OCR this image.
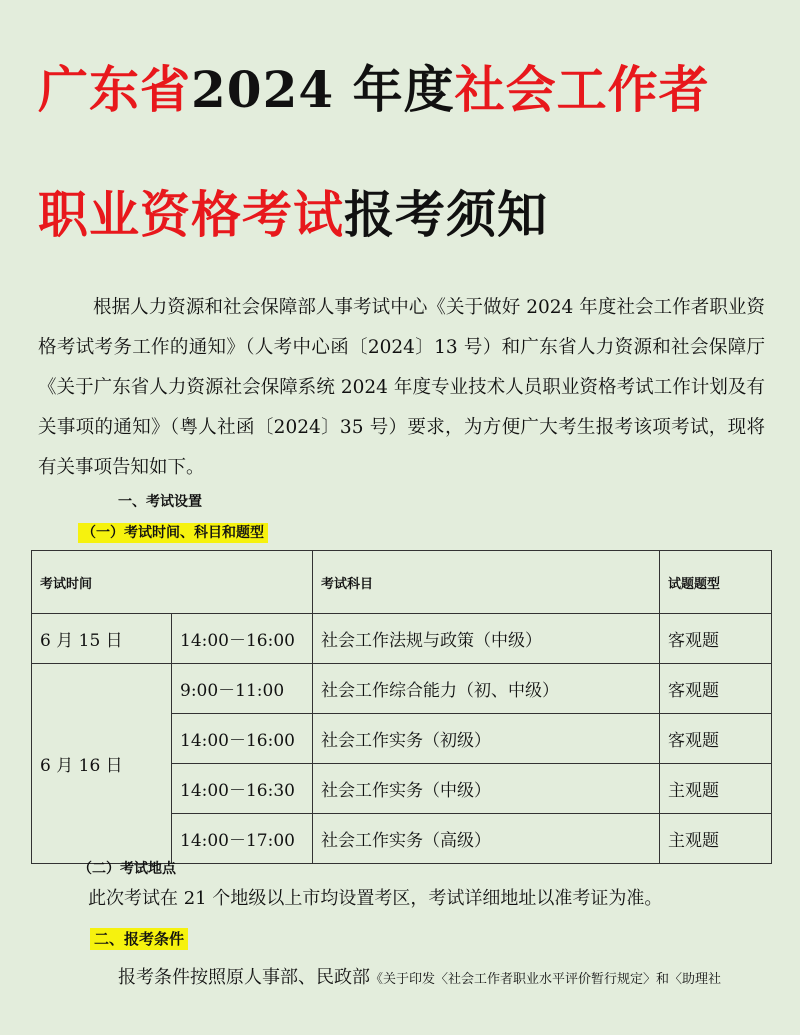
广东省2024 年度社会工作者
职业资格考试报考须知

根据人力资源和社会保障部人事考试中心《关于做好 2024 年度社会工作者职业资格考试考务工作的通知》（人考中心函〔2024〕13 号）和广东省人力资源和社会保障厅《关于广东省人力资源社会保障系统 2024 年度专业技术人员职业资格考试工作计划及有关事项的通知》（粤人社函〔2024〕35 号）要求，为方便广大考生报考该项考试，现将有关事项告知如下。

一、考试设置
（一）考试时间、科目和题型
考试时间		考试科目	试题题型
6 月 15 日	14:00－16:00	社会工作法规与政策（中级）	客观题
6 月 16 日	9:00－11:00	社会工作综合能力（初、中级）	客观题
	14:00－16:00	社会工作实务（初级）	客观题
	14:00－16:30	社会工作实务（中级）	主观题
	14:00－17:00	社会工作实务（高级）	主观题
（二）考试地点

此次考试在 21 个地级以上市均设置考区，考试详细地址以准考证为准。

二、报考条件

报考条件按照原人事部、民政部《关于印发〈社会工作者职业水平评价暂行规定〉和〈助理社
